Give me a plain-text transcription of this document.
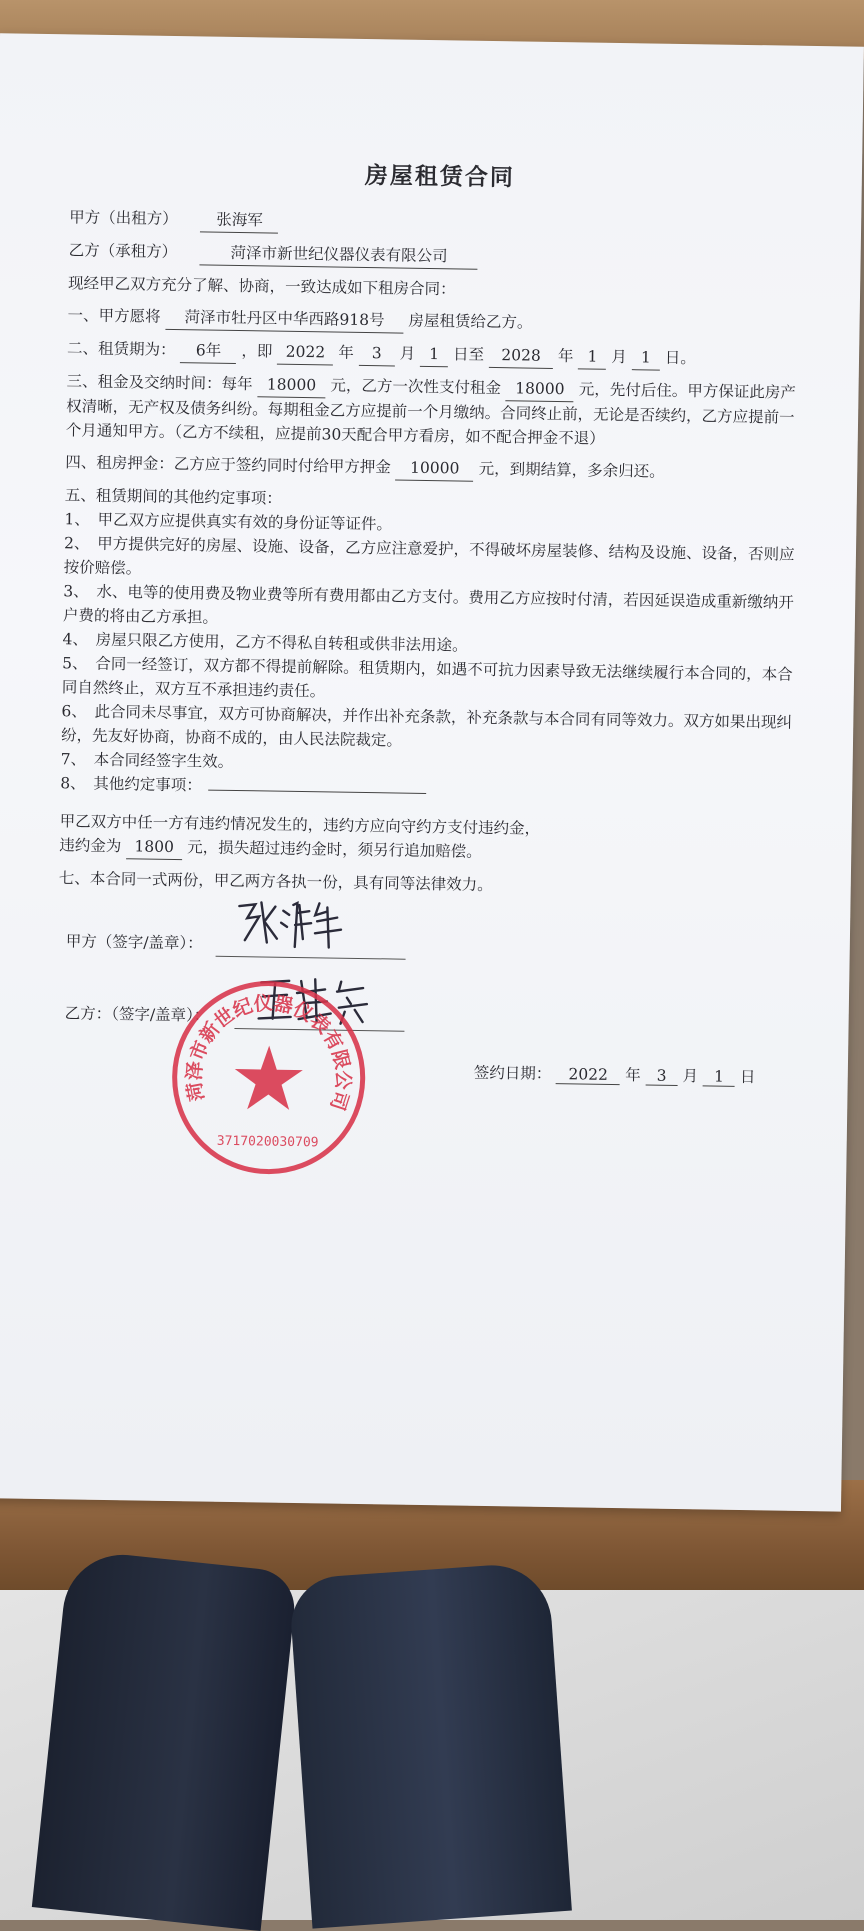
房屋租赁合同

甲方（出租方） 张海军

乙方（承租方）	菏泽市新世纪仪器仪表有限公司

现经甲乙双方充分了解、协商，一致达成如下租房合同：

一、甲方愿将 菏泽市牡丹区中华西路918号 房屋租赁给乙方。

二、租赁期为： 6年 ，即 2022 年 3 月 1 日至 2028 年 1 月 1 日。

三、租金及交纳时间：每年 18000 元，乙方一次性支付租金 18000 元，先付后住。甲方保证此房产权清晰，无产权及债务纠纷。每期租金乙方应提前一个月缴纳。合同终止前，无论是否续约，乙方应提前一个月通知甲方。（乙方不续租，应提前30天配合甲方看房，如不配合押金不退）

四、租房押金：乙方应于签约同时付给甲方押金 10000 元，到期结算，多余归还。

五、租赁期间的其他约定事项：

1、　甲乙双方应提供真实有效的身份证等证件。

2、　甲方提供完好的房屋、设施、设备，乙方应注意爱护，不得破坏房屋装修、结构及设施、设备，否则应按价赔偿。

3、　水、电等的使用费及物业费等所有费用都由乙方支付。费用乙方应按时付清，若因延误造成重新缴纳开户费的将由乙方承担。

4、　房屋只限乙方使用，乙方不得私自转租或供非法用途。

5、　合同一经签订，双方都不得提前解除。租赁期内，如遇不可抗力因素导致无法继续履行本合同的，本合同自然终止，双方互不承担违约责任。

6、　此合同未尽事宜，双方可协商解决，并作出补充条款，补充条款与本合同有同等效力。双方如果出现纠纷，先友好协商，协商不成的，由人民法院裁定。

7、　本合同经签字生效。

8、　其他约定事项：

甲乙双方中任一方有违约情况发生的，违约方应向守约方支付违约金，

违约金为 1800 元，损失超过违约金时，须另行追加赔偿。

七、本合同一式两份，甲乙两方各执一份，具有同等法律效力。

甲方（签字/盖章）：
乙方：（签字/盖章）：
菏泽市新世纪仪器仪表有限公司
3717020030709
签约日期： 2022 年 3 月 1 日
